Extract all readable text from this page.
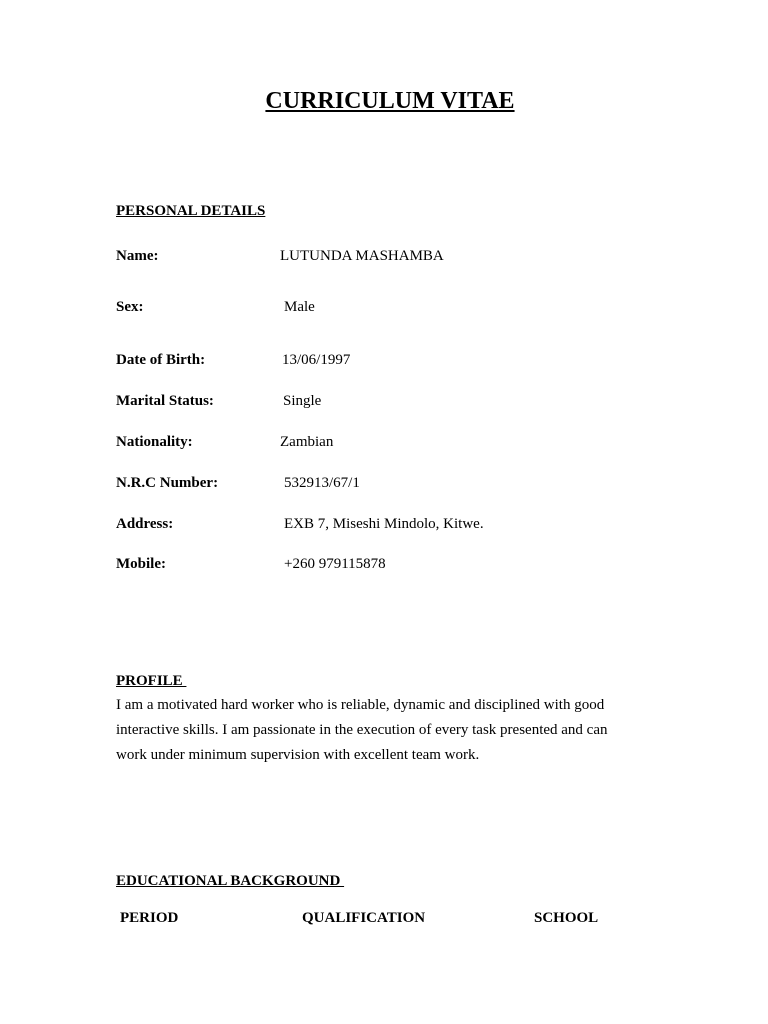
CURRICULUM VITAE
PERSONAL DETAILS
Name:	LUTUNDA MASHAMBA
Sex:	Male
Date of Birth:	13/06/1997
Marital Status:	Single
Nationality:	Zambian
N.R.C Number:	532913/67/1
Address:	EXB 7, Miseshi Mindolo, Kitwe.
Mobile:	+260 979115878
PROFILE

I am a motivated hard worker who is reliable, dynamic and disciplined with good
interactive skills. I am passionate in the execution of every task presented and can
work under minimum supervision with excellent team work.

EDUCATIONAL BACKGROUND
PERIOD	QUALIFICATION	SCHOOL
